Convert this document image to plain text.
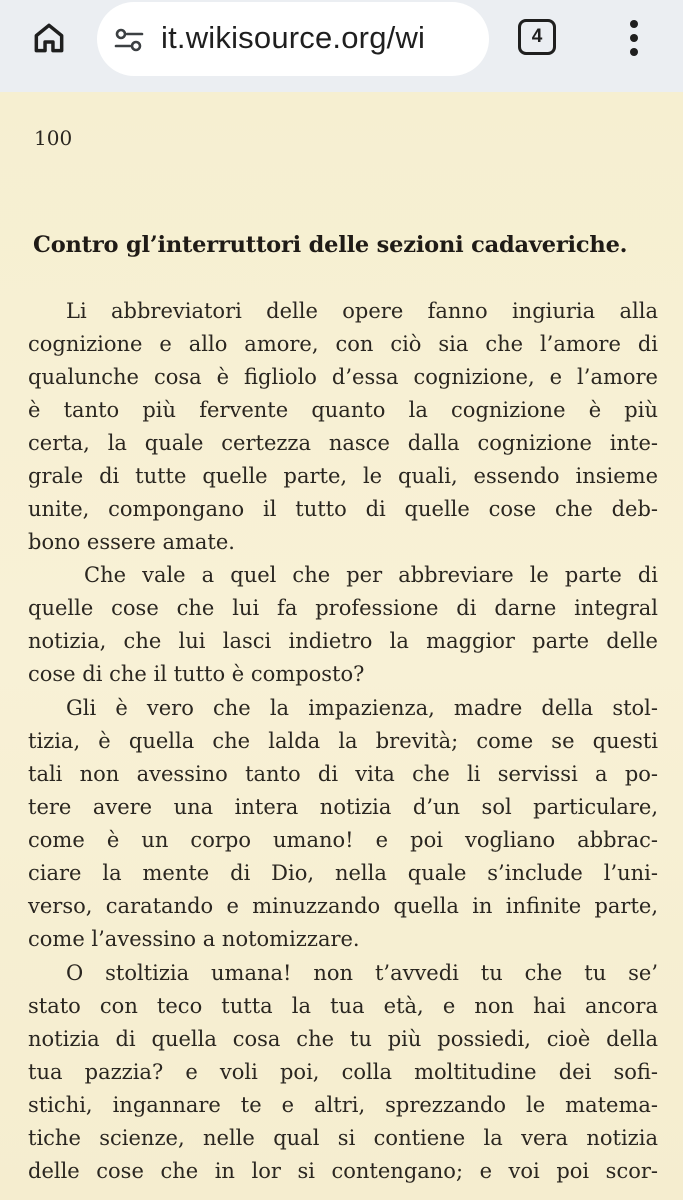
it.wikisource.org/wi	4
100
Contro gl’interruttori delle sezioni cadaveriche.
Li abbreviatori delle opere fanno ingiuria alla
cognizione e allo amore, con ciò sia che l’amore di
qualunche cosa è figliolo d’essa cognizione, e l’amore
è tanto più fervente quanto la cognizione è più
certa, la quale certezza nasce dalla cognizione inte-
grale di tutte quelle parte, le quali, essendo insieme
unite, compongano il tutto di quelle cose che deb-
bono essere amate.
Che vale a quel che per abbreviare le parte di
quelle cose che lui fa professione di darne integral
notizia, che lui lasci indietro la maggior parte delle
cose di che il tutto è composto?
Gli è vero che la impazienza, madre della stol-
tizia, è quella che lalda la brevità; come se questi
tali non avessino tanto di vita che li servissi a po-
tere avere una intera notizia d’un sol particulare,
come è un corpo umano! e poi vogliano abbrac-
ciare la mente di Dio, nella quale s’include l’uni-
verso, caratando e minuzzando quella in infinite parte,
come l’avessino a notomizzare.
O stoltizia umana! non t’avvedi tu che tu se’
stato con teco tutta la tua età, e non hai ancora
notizia di quella cosa che tu più possiedi, cioè della
tua pazzia? e voli poi, colla moltitudine dei sofi-
stichi, ingannare te e altri, sprezzando le matema-
tiche scienze, nelle qual si contiene la vera notizia
delle cose che in lor si contengano; e voi poi scor-
